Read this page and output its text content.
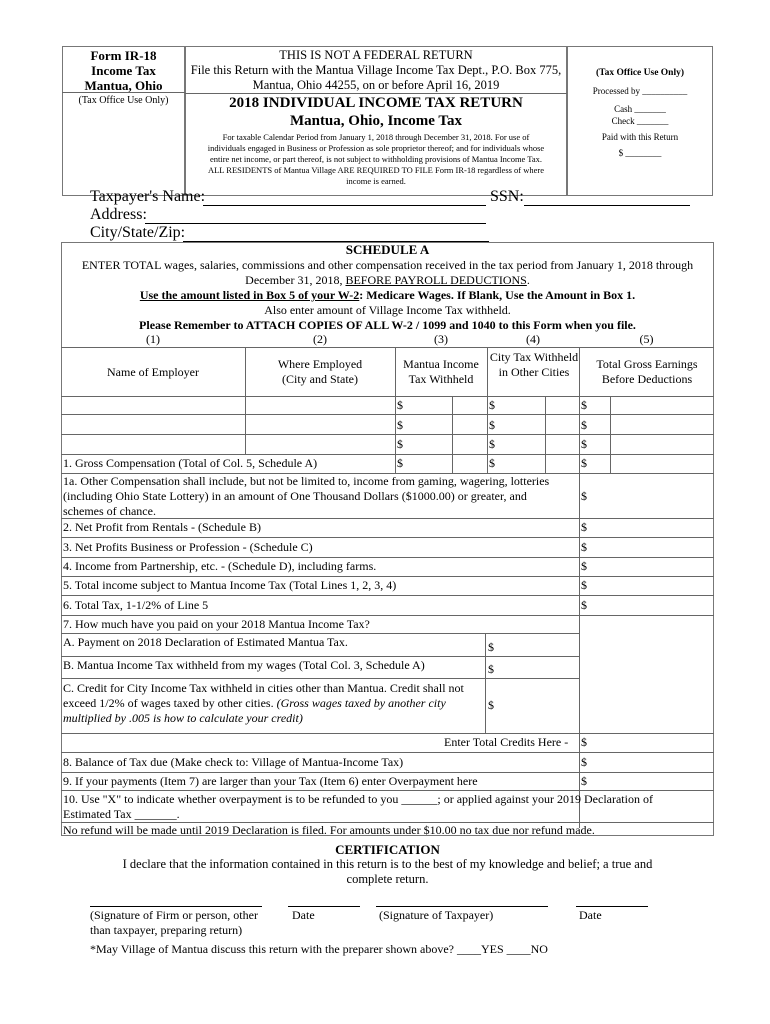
Form IR-18
Income Tax
Mantua, Ohio
(Tax Office Use Only)
THIS IS NOT A FEDERAL RETURN
File this Return with the Mantua Village Income Tax Dept., P.O. Box 775,
Mantua, Ohio 44255, on or before April 16, 2019
2018 INDIVIDUAL INCOME TAX RETURN
Mantua, Ohio, Income Tax
For taxable Calendar Period from January 1, 2018 through December 31, 2018. For use of
individuals engaged in Business or Profession as sole proprietor thereof; and for individuals whose
entire net income, or part thereof, is not subject to withholding provisions of Mantua Income Tax.
ALL RESIDENTS of Mantua Village ARE REQUIRED TO FILE Form IR-18 regardless of where
income is earned.
(Tax Office Use Only)
Processed by __________
Cash _______
Check _______
Paid with this Return
$ ________
Taxpayer's Name:	SSN:
Address:
City/State/Zip:
SCHEDULE A
ENTER TOTAL wages, salaries, commissions and other compensation received in the tax period from January 1, 2018 through
December 31, 2018, BEFORE PAYROLL DEDUCTIONS.
Use the amount listed in Box 5 of your W-2: Medicare Wages. If Blank, Use the Amount in Box 1.
Also enter amount of Village Income Tax withheld.
Please Remember to ATTACH COPIES OF ALL W-2 / 1099 and 1040 to this Form when you file.
(1)	(2)	(3)	(4)	(5)
Name of Employer
Where Employed (City and State)
Mantua Income Tax Withheld
City Tax Withheld in Other Cities
Total Gross Earnings Before Deductions
$	$	$
$	$	$
$	$	$
1. Gross Compensation (Total of Col. 5, Schedule A)	$	$	$
1a. Other Compensation shall include, but not be limited to, income from gaming, wagering, lotteries
(including Ohio State Lottery) in an amount of One Thousand Dollars ($1000.00) or greater, and
schemes of chance.
$
2. Net Profit from Rentals - (Schedule B)	$
3. Net Profits Business or Profession - (Schedule C)	$
4. Income from Partnership, etc. - (Schedule D), including farms.	$
5. Total income subject to Mantua Income Tax (Total Lines 1, 2, 3, 4)	$
6. Total Tax, 1-1/2% of Line 5	$
7. How much have you paid on your 2018 Mantua Income Tax?
A. Payment on 2018 Declaration of Estimated Mantua Tax.	$
B. Mantua Income Tax withheld from my wages (Total Col. 3, Schedule A)	$
C. Credit for City Income Tax withheld in cities other than Mantua. Credit shall not
exceed 1/2% of wages taxed by other cities. (Gross wages taxed by another city
multiplied by .005 is how to calculate your credit)
$
Enter Total Credits Here - $
8. Balance of Tax due (Make check to: Village of Mantua-Income Tax)	$
9. If your payments (Item 7) are larger than your Tax (Item 6) enter Overpayment here	$
10. Use "X" to indicate whether overpayment is to be refunded to you ______; or applied against your 2019 Declaration of
Estimated Tax _______.
No refund will be made until 2019 Declaration is filed. For amounts under $10.00 no tax due nor refund made.
CERTIFICATION
I declare that the information contained in this return is to the best of my knowledge and belief; a true and
complete return.
(Signature of Firm or person, other
than taxpayer, preparing return)
Date	(Signature of Taxpayer)	Date
*May Village of Mantua discuss this return with the preparer shown above? ____YES ____NO
